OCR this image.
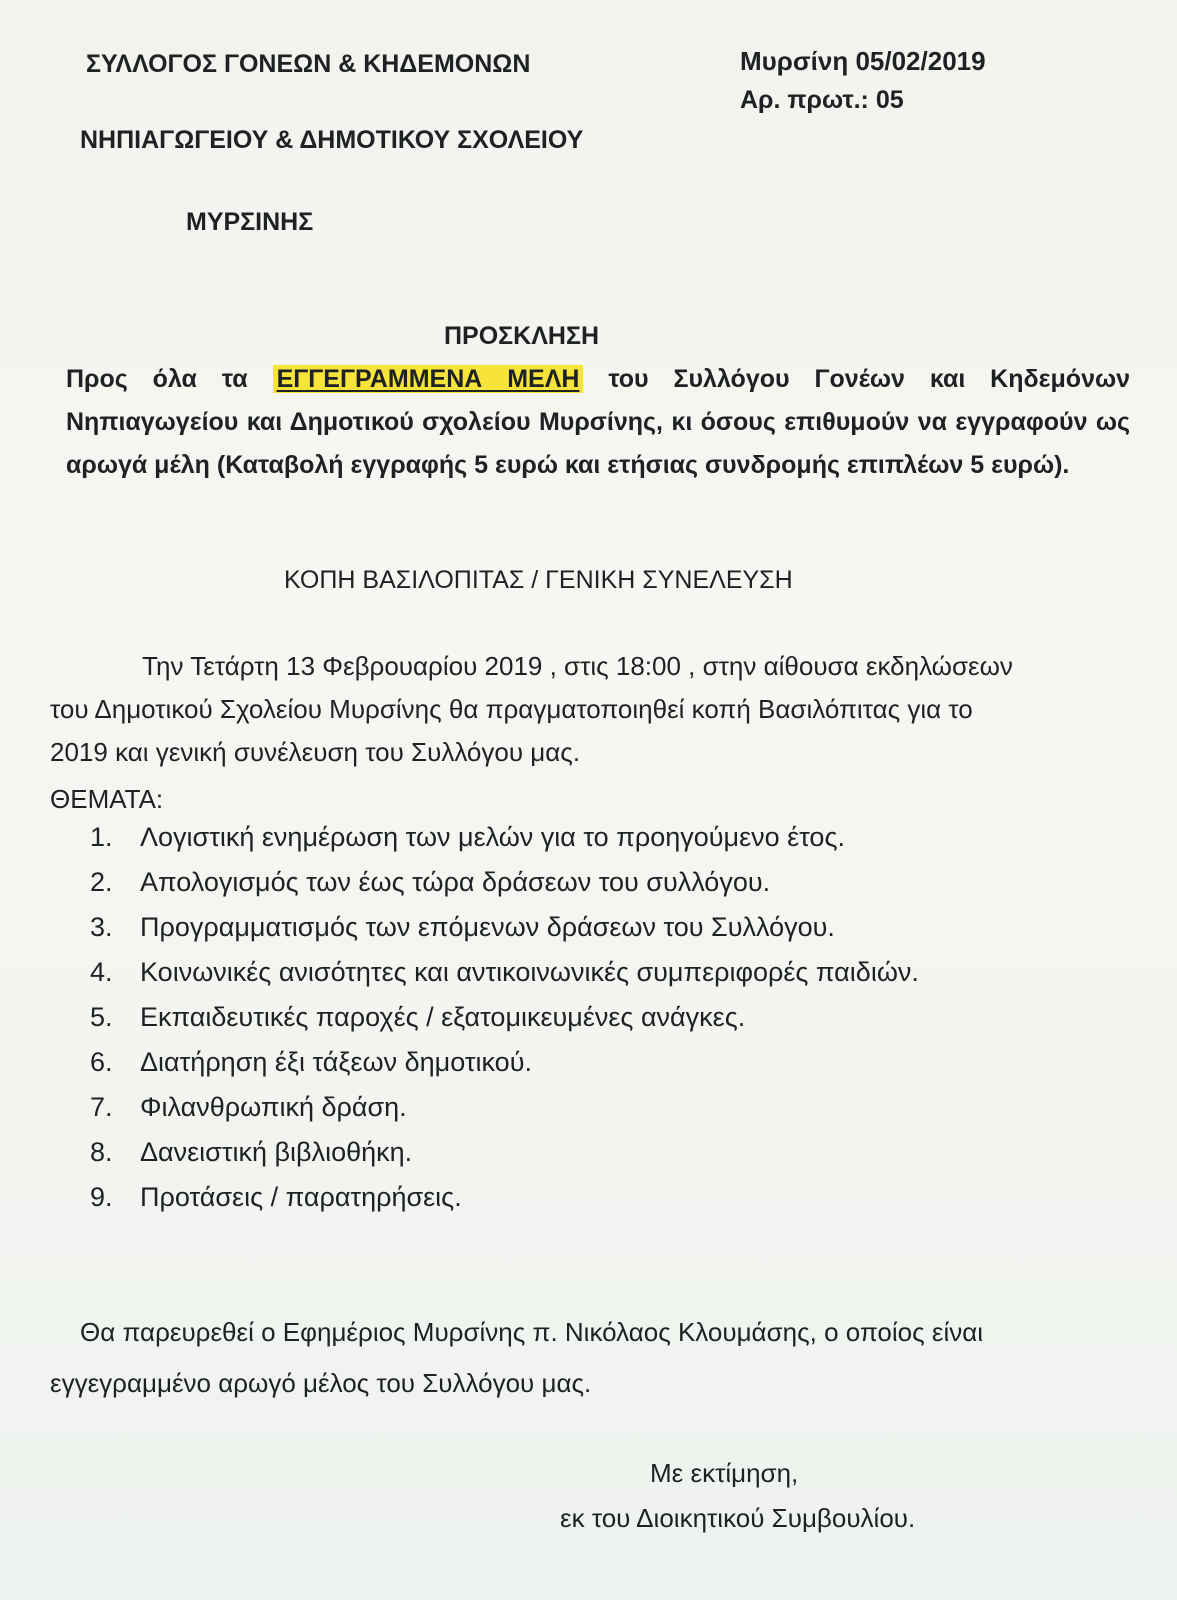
ΣΥΛΛΟΓΟΣ ΓΟΝΕΩΝ & ΚΗΔΕΜΟΝΩΝ
ΝΗΠΙΑΓΩΓΕΙΟΥ & ΔΗΜΟΤΙΚΟΥ ΣΧΟΛΕΙΟΥ
ΜΥΡΣΙΝΗΣ
Μυρσίνη 05/02/2019
Αρ. πρωτ.: 05
ΠΡΟΣΚΛΗΣΗ
Προς όλα τα ΕΓΓΕΓΡΑΜΜΕΝΑ ΜΕΛΗ του Συλλόγου Γονέων και Κηδεμόνων Νηπιαγωγείου και Δημοτικού σχολείου Μυρσίνης, κι όσους επιθυμούν να εγγραφούν ως αρωγά μέλη (Καταβολή εγγραφής 5 ευρώ και ετήσιας συνδρομής επιπλέων 5 ευρώ).
ΚΟΠΗ ΒΑΣΙΛΟΠΙΤΑΣ / ΓΕΝΙΚΗ ΣΥΝΕΛΕΥΣΗ
Την Τετάρτη 13 Φεβρουαρίου 2019 , στις 18:00 , στην αίθουσα εκδηλώσεων
του Δημοτικού Σχολείου Μυρσίνης θα πραγματοποιηθεί κοπή Βασιλόπιτας για το
2019 και γενική συνέλευση του Συλλόγου μας.
ΘΕΜΑΤΑ:
1. Λογιστική ενημέρωση των μελών για το προηγούμενο έτος.
2. Απολογισμός των έως τώρα δράσεων του συλλόγου.
3. Προγραμματισμός των επόμενων δράσεων του Συλλόγου.
4. Κοινωνικές ανισότητες και αντικοινωνικές συμπεριφορές παιδιών.
5. Εκπαιδευτικές παροχές / εξατομικευμένες ανάγκες.
6. Διατήρηση έξι τάξεων δημοτικού.
7. Φιλανθρωπική δράση.
8. Δανειστική βιβλιοθήκη.
9. Προτάσεις / παρατηρήσεις.
Θα παρευρεθεί ο Εφημέριος Μυρσίνης π. Νικόλαος Κλουμάσης, ο οποίος είναι
εγγεγραμμένο αρωγό μέλος του Συλλόγου μας.
Με εκτίμηση,
εκ του Διοικητικού Συμβουλίου.
